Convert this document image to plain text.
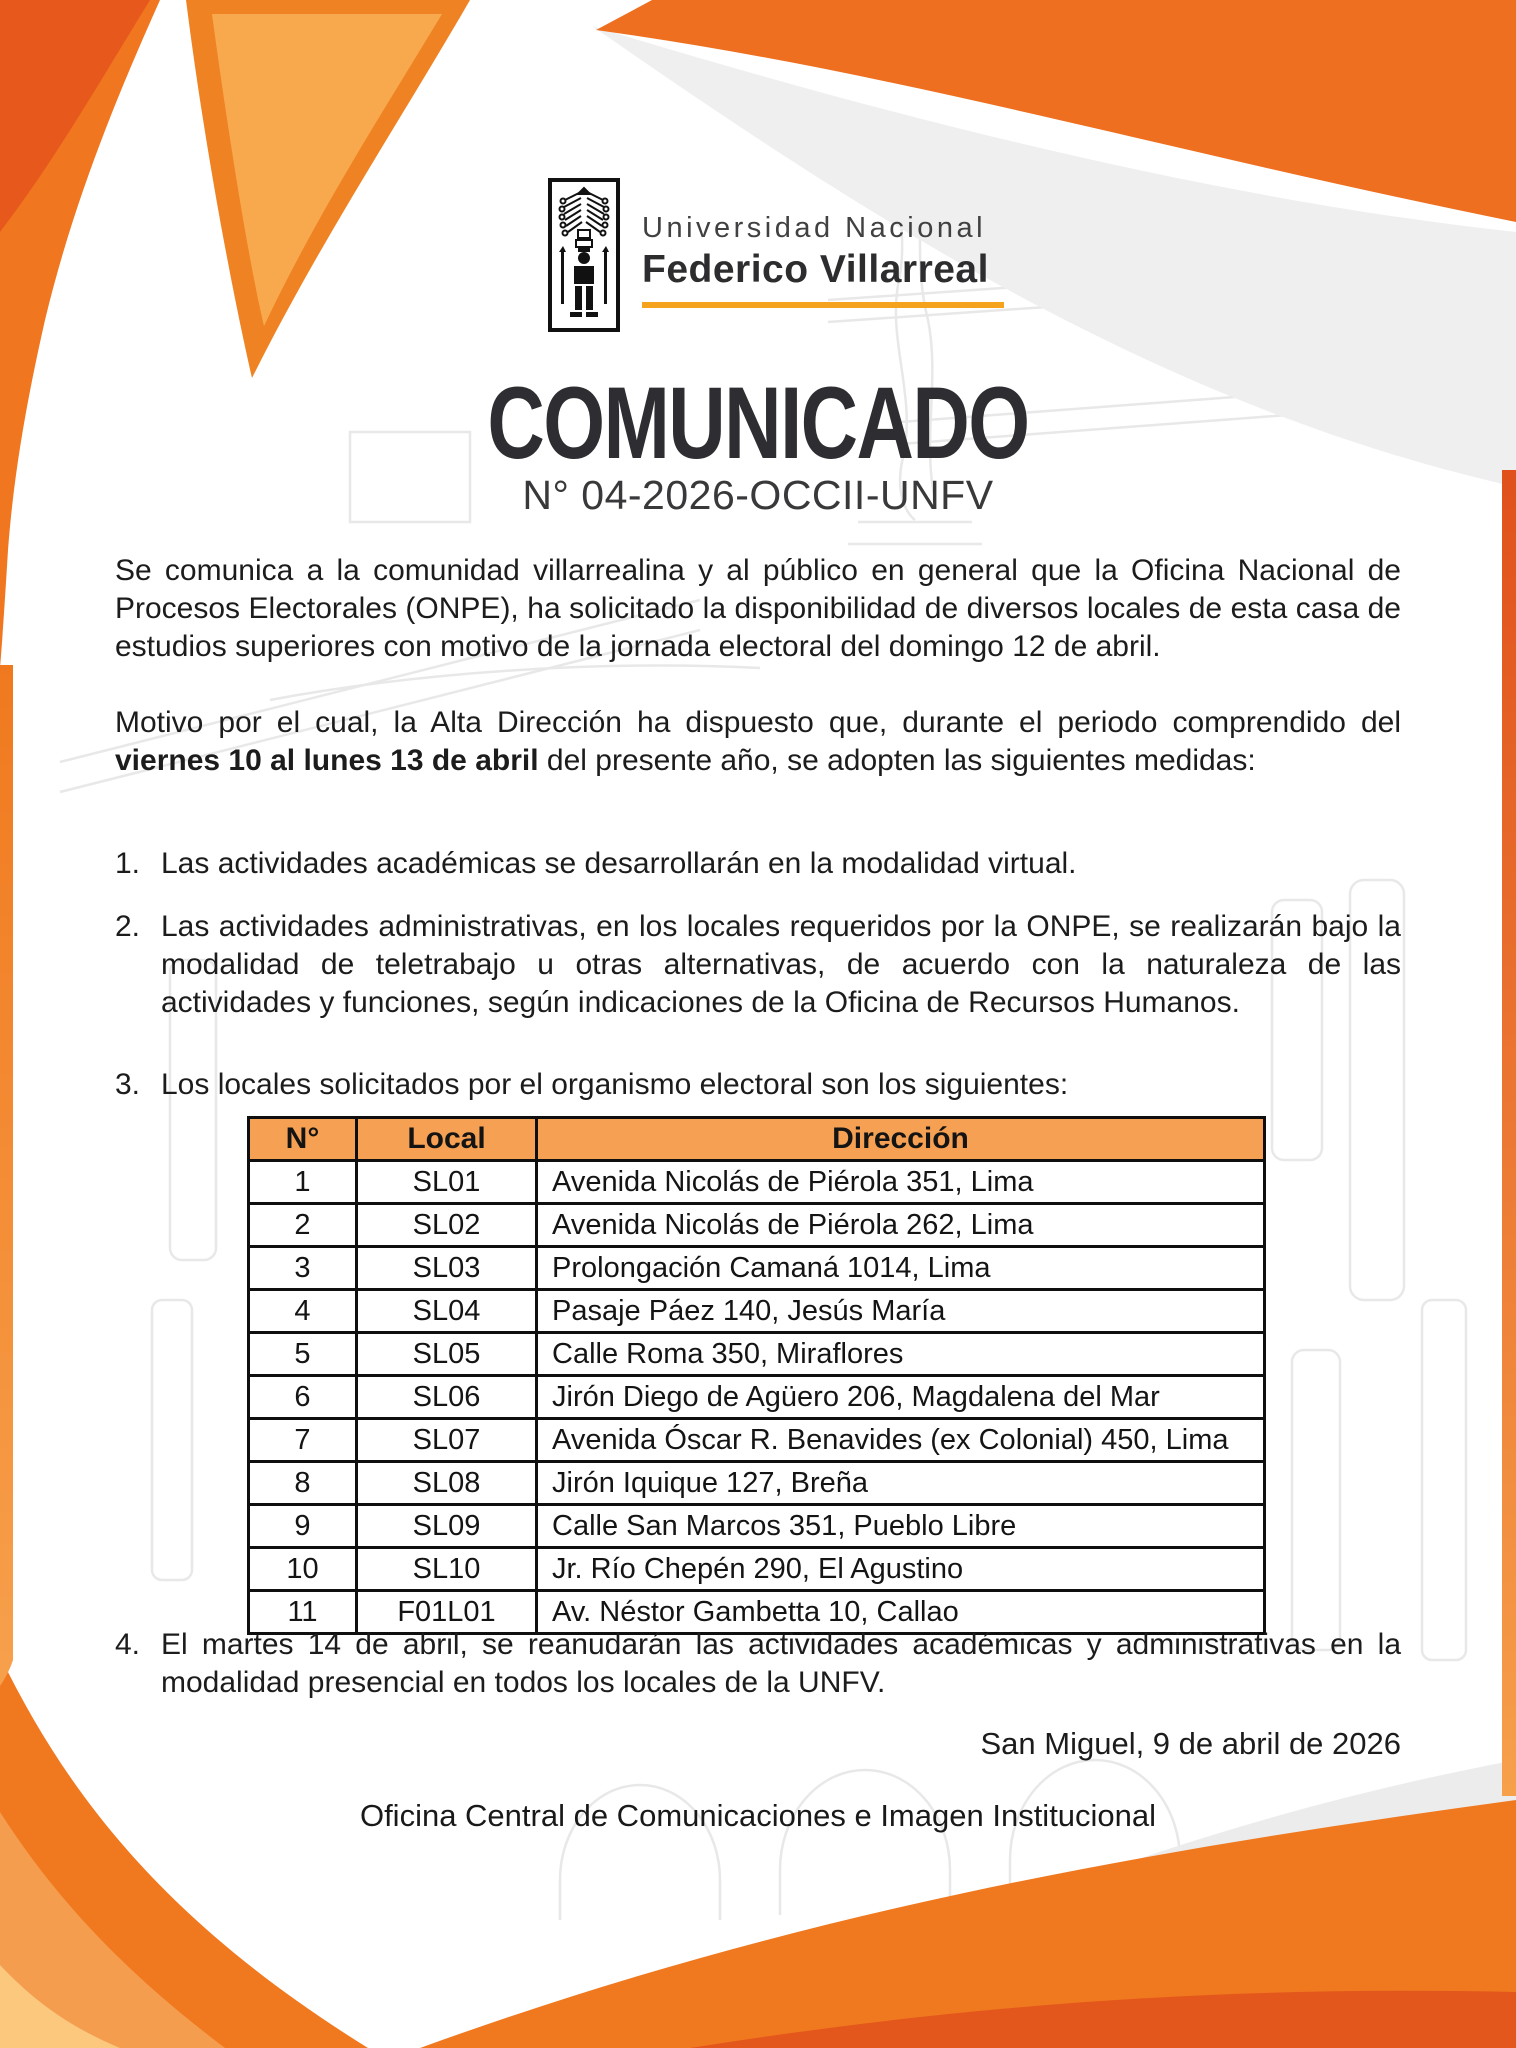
Universidad Nacional
Federico Villarreal
COMUNICADO
N° 04-2026-OCCII-UNFV
Se comunica a la comunidad villarrealina y al público en general que la Oficina Nacional de Procesos Electorales (ONPE), ha solicitado la disponibilidad de diversos locales de esta casa de estudios superiores con motivo de la jornada electoral del domingo 12 de abril.
Motivo por el cual, la Alta Dirección ha dispuesto que, durante el periodo comprendido del viernes 10 al lunes 13 de abril del presente año, se adopten las siguientes medidas:
1. Las actividades académicas se desarrollarán en la modalidad virtual.
2. Las actividades administrativas, en los locales requeridos por la ONPE, se realizarán bajo la modalidad de teletrabajo u otras alternativas, de acuerdo con la naturaleza de las actividades y funciones, según indicaciones de la Oficina de Recursos Humanos.
3. Los locales solicitados por el organismo electoral son los siguientes:
N°	Local	Dirección
1	SL01	Avenida Nicolás de Piérola 351, Lima
2	SL02	Avenida Nicolás de Piérola 262, Lima
3	SL03	Prolongación Camaná 1014, Lima
4	SL04	Pasaje Páez 140, Jesús María
5	SL05	Calle Roma 350, Miraflores
6	SL06	Jirón Diego de Agüero 206, Magdalena del Mar
7	SL07	Avenida Óscar R. Benavides (ex Colonial) 450, Lima
8	SL08	Jirón Iquique 127, Breña
9	SL09	Calle San Marcos 351, Pueblo Libre
10	SL10	Jr. Río Chepén 290, El Agustino
11	F01L01	Av. Néstor Gambetta 10, Callao
4. El martes 14 de abril, se reanudarán las actividades académicas y administrativas en la modalidad presencial en todos los locales de la UNFV.
San Miguel, 9 de abril de 2026
Oficina Central de Comunicaciones e Imagen Institucional
